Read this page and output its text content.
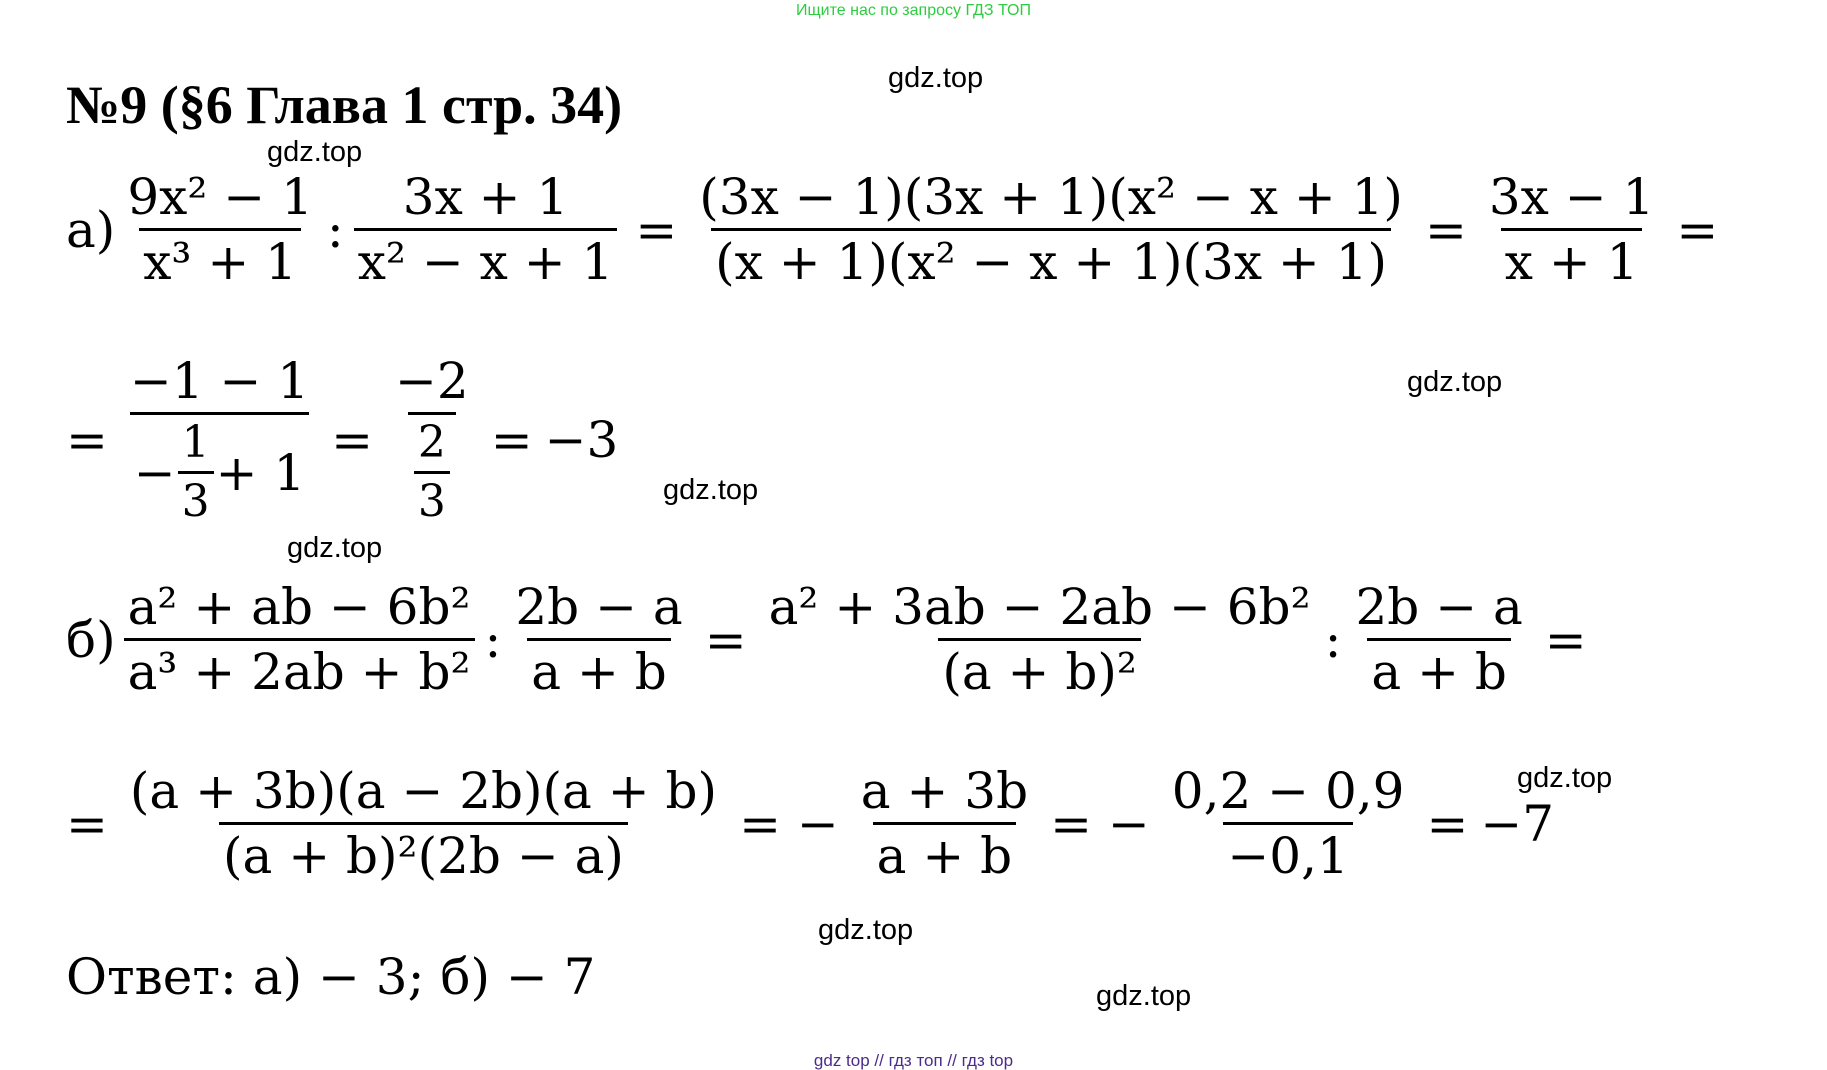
Ищите нас по запросу ГДЗ ТОП
№9 (§6 Глава 1 стр. 34)	gdz.top
gdz.top
gdz.top
gdz.top
gdz.top
gdz.top
gdz.top
gdz.top
$а) \frac{\text{9x² − 1}}{\text{x³ + 1}}$ : $\frac{3x + 1}{\text{x² − x + 1}} = \frac{\text{(3x − 1)(3x + 1)(x² − x + 1)}}{\text{(x + 1)(x² − x + 1)(3x + 1)}} = \frac{3x - 1}{x + 1}$ =
= $\frac{-1 - 1}{- \frac{1}{3} + 1} = \frac{-2}{\frac{2}{3}} = -3$
$б) \frac{\text{a² + ab − 6b²}}{\text{a³ + 2ab + b²}}$ : $\frac{2b - a}{a + b} = \frac{\text{a² + 3ab − 2ab − 6b²}}{\text{(a + b)²}}$ : $\frac{2b - a}{a + b}$ =
= $\frac{(a + 3b)(a - 2b)(a + b)}{\text{(a + b)²(2b − a)}}$ = − $\frac{a + 3b}{a + b}$ = − $\frac{0,2 - 0,9}{-0,1} = -7$
Ответ: а) − 3; б) − 7
gdz top // гдз топ // гдз top
